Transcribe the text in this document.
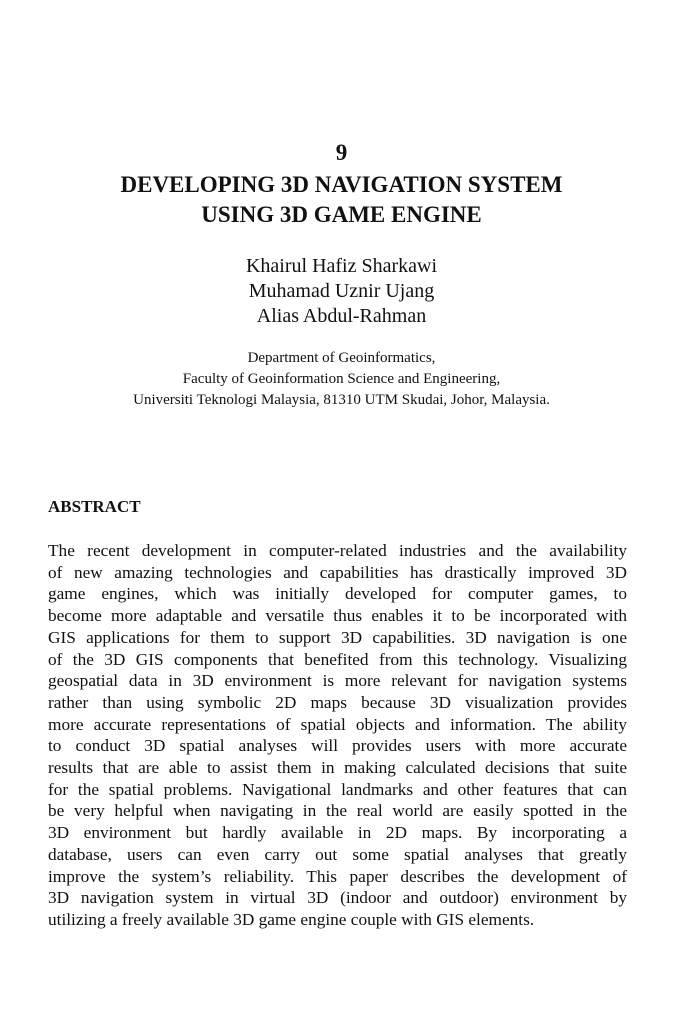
9
DEVELOPING 3D NAVIGATION SYSTEM
USING 3D GAME ENGINE
Khairul Hafiz Sharkawi
Muhamad Uznir Ujang
Alias Abdul-Rahman
Department of Geoinformatics,
Faculty of Geoinformation Science and Engineering,
Universiti Teknologi Malaysia, 81310 UTM Skudai, Johor, Malaysia.
ABSTRACT
The recent development in computer-related industries and the availability
of new amazing technologies and capabilities has drastically improved 3D
game engines, which was initially developed for computer games, to
become more adaptable and versatile thus enables it to be incorporated with
GIS applications for them to support 3D capabilities. 3D navigation is one
of the 3D GIS components that benefited from this technology. Visualizing
geospatial data in 3D environment is more relevant for navigation systems
rather than using symbolic 2D maps because 3D visualization provides
more accurate representations of spatial objects and information. The ability
to conduct 3D spatial analyses will provides users with more accurate
results that are able to assist them in making calculated decisions that suite
for the spatial problems. Navigational landmarks and other features that can
be very helpful when navigating in the real world are easily spotted in the
3D environment but hardly available in 2D maps. By incorporating a
database, users can even carry out some spatial analyses that greatly
improve the system’s reliability. This paper describes the development of
3D navigation system in virtual 3D (indoor and outdoor) environment by
utilizing a freely available 3D game engine couple with GIS elements.
